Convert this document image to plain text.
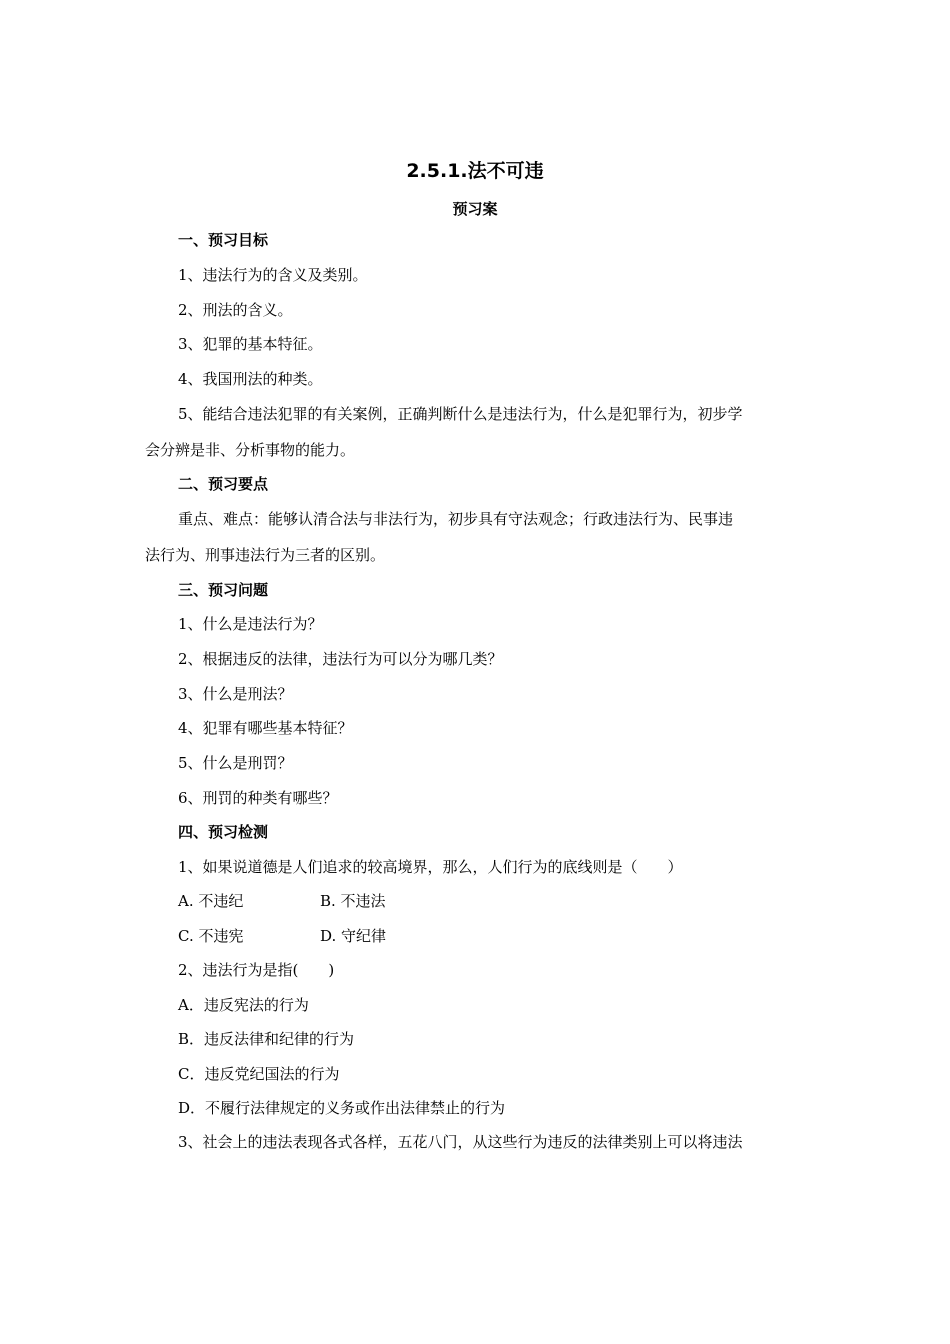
2.5.1.法不可违
预习案
一、预习目标
1、违法行为的含义及类别。
2、刑法的含义。
3、犯罪的基本特征。
4、我国刑法的种类。
5、能结合违法犯罪的有关案例，正确判断什么是违法行为，什么是犯罪行为，初步学
会分辨是非、分析事物的能力。
二、预习要点
重点、难点：能够认清合法与非法行为，初步具有守法观念；行政违法行为、民事违
法行为、刑事违法行为三者的区别。
三、预习问题
1、什么是违法行为？
2、根据违反的法律，违法行为可以分为哪几类？
3、什么是刑法？
4、犯罪有哪些基本特征？
5、什么是刑罚？
6、刑罚的种类有哪些？
四、预习检测
1、如果说道德是人们追求的较高境界，那么，人们行为的底线则是（　　）
A. 不违纪	B. 不违法
C. 不违宪	D. 守纪律
2、违法行为是指(　　)
A．违反宪法的行为
B．违反法律和纪律的行为
C．违反党纪国法的行为
D．不履行法律规定的义务或作出法律禁止的行为
3、社会上的违法表现各式各样，五花八门，从这些行为违反的法律类别上可以将违法
